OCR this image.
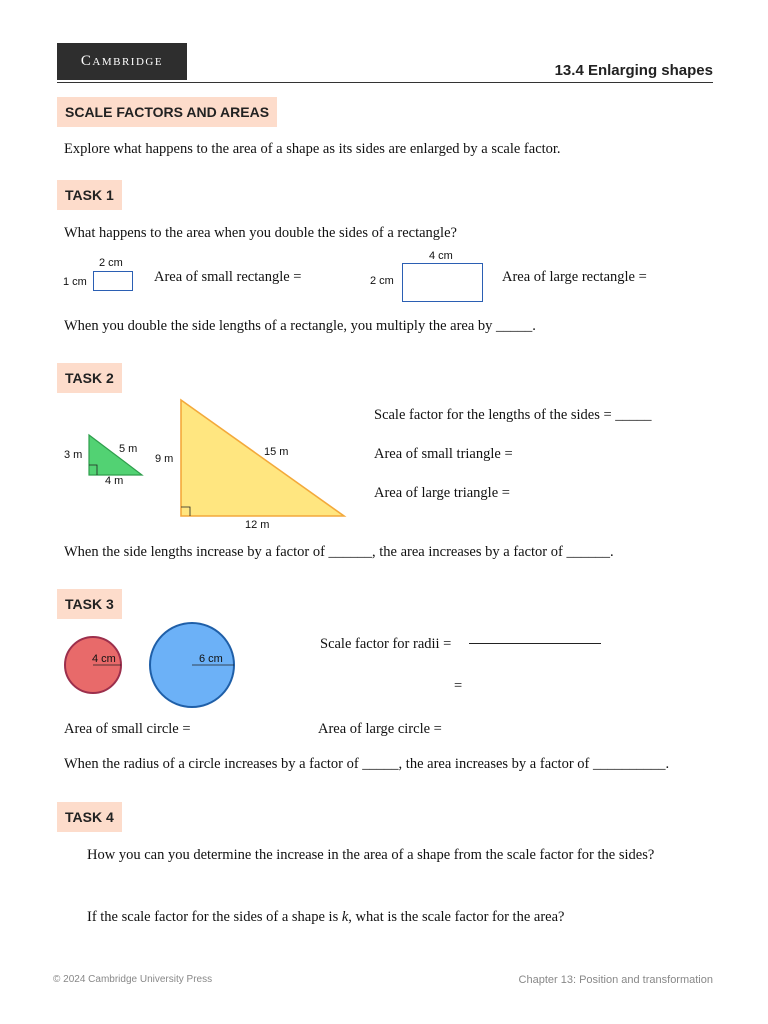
Cambridge
13.4 Enlarging shapes
SCALE FACTORS AND AREAS
Explore what happens to the area of a shape as its sides are enlarged by a scale factor.
TASK 1
What happens to the area when you double the sides of a rectangle?
2 cm
1 cm	Area of small rectangle =
4 cm
2 cm	Area of large rectangle =
When you double the side lengths of a rectangle, you multiply the area by _____.
TASK 2
3 m	5 m
4 m
9 m
15 m
12 m
Scale factor for the lengths of the sides = _____
Area of small triangle =
Area of large triangle =
When the side lengths increase by a factor of ______, the area increases by a factor of ______.
TASK 3
4 cm	6 cm
Scale factor for radii =
=
Area of small circle =	Area of large circle =
When the radius of a circle increases by a factor of _____, the area increases by a factor of __________.
TASK 4
How you can you determine the increase in the area of a shape from the scale factor for the sides?
If the scale factor for the sides of a shape is k, what is the scale factor for the area?
© 2024 Cambridge University Press	Chapter 13: Position and transformation
